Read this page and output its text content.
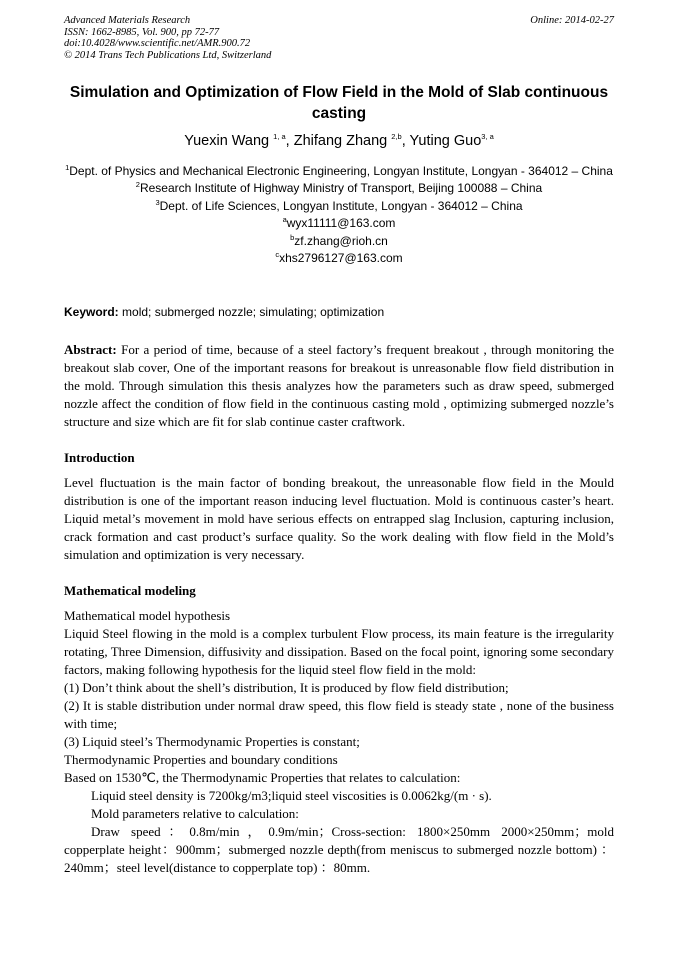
Advanced Materials Research
ISSN: 1662-8985, Vol. 900, pp 72-77
doi:10.4028/www.scientific.net/AMR.900.72
© 2014 Trans Tech Publications Ltd, Switzerland
Online: 2014-02-27
Simulation and Optimization of Flow Field in the Mold of Slab continuous casting
Yuexin Wang $^{1, a}$, Zhifang Zhang $^{2,b}$, Yuting Guo$^{3, a}$
$^1$Dept. of Physics and Mechanical Electronic Engineering, Longyan Institute, Longyan - 364012 – China
$^2$Research Institute of Highway Ministry of Transport, Beijing 100088 – China
$^3$Dept. of Life Sciences, Longyan Institute, Longyan - 364012 – China
$^a$wyx11111@163.com
$^b$zf.zhang@rioh.cn
$^c$xhs2796127@163.com
Keyword: mold; submerged nozzle; simulating; optimization
Abstract: For a period of time, because of a steel factory’s frequent breakout , through monitoring the breakout slab cover, One of the important reasons for breakout is unreasonable flow field distribution in the mold. Through simulation this thesis analyzes how the parameters such as draw speed, submerged nozzle affect the condition of flow field in the continuous casting mold , optimizing submerged nozzle’s structure and size which are fit for slab continue caster craftwork.
Introduction
Level fluctuation is the main factor of bonding breakout, the unreasonable flow field in the Mould distribution is one of the important reason inducing level fluctuation. Mold is continuous caster’s heart. Liquid metal’s movement in mold have serious effects on entrapped slag Inclusion, capturing inclusion, crack formation and cast product’s surface quality. So the work dealing with flow field in the Mold’s simulation and optimization is very necessary.
Mathematical modeling

Mathematical model hypothesis

Liquid Steel flowing in the mold is a complex turbulent Flow process, its main feature is the irregularity rotating, Three Dimension, diffusivity and dissipation. Based on the focal point, ignoring some secondary factors, making following hypothesis for the liquid steel flow field in the mold:

(1) Don’t think about the shell’s distribution, It is produced by flow field distribution;

(2) It is stable distribution under normal draw speed, this flow field is steady state , none of the business with time;

(3) Liquid steel’s Thermodynamic Properties is constant;

Thermodynamic Properties and boundary conditions

Based on 1530℃, the Thermodynamic Properties that relates to calculation:

Liquid steel density is 7200kg/m3;liquid steel viscosities is 0.0062kg/(m · s).

Mold parameters relative to calculation:

Draw speed：0.8m/min，0.9m/min；Cross-section: 1800×250mm 2000×250mm；mold copperplate height：900mm；submerged nozzle depth(from meniscus to submerged nozzle bottom) ：240mm；steel level(distance to copperplate top) ：80mm.
